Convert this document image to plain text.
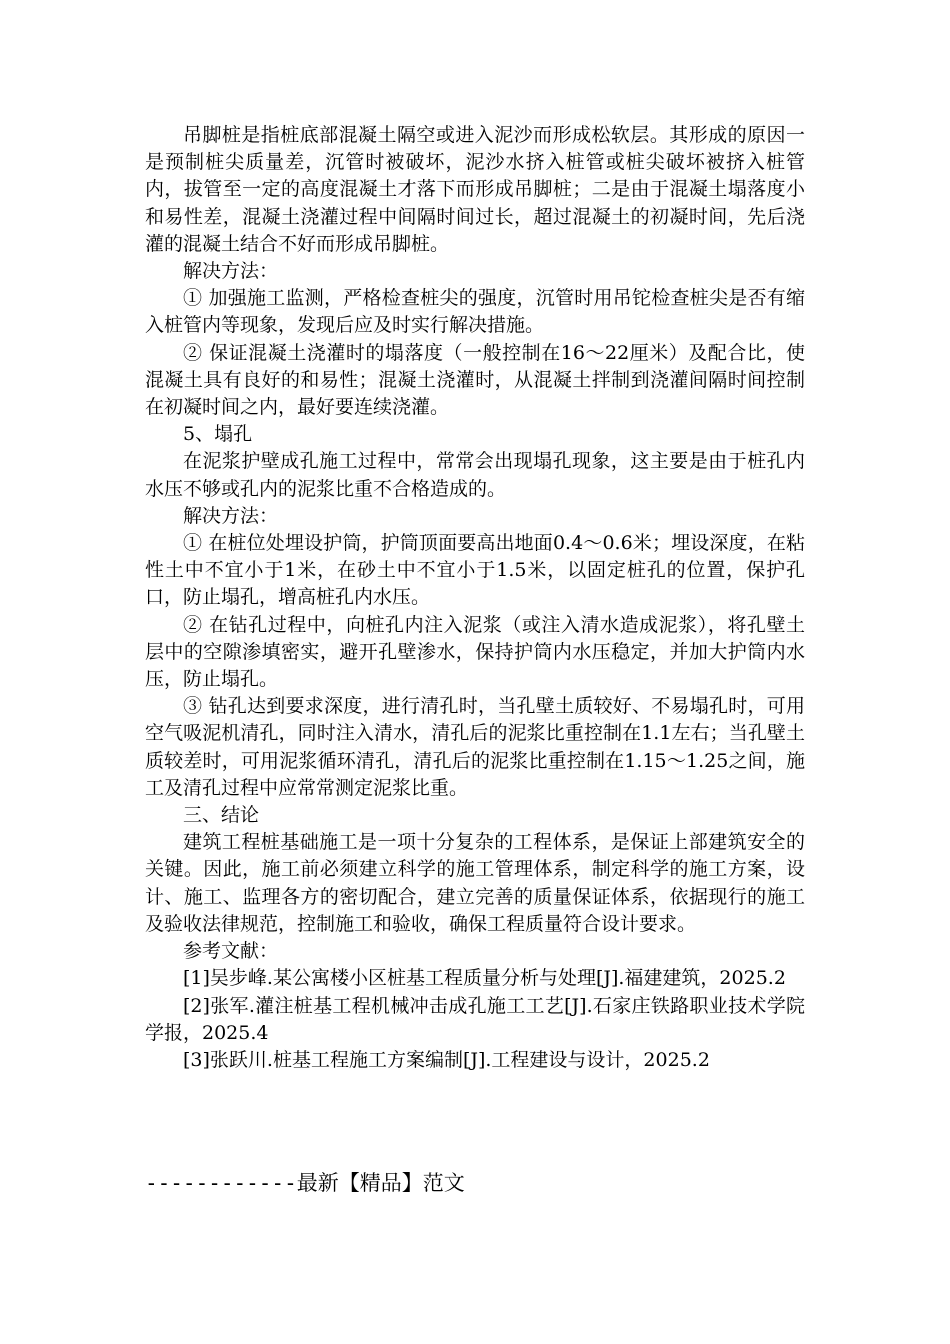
吊脚桩是指桩底部混凝土隔空或进入泥沙而形成松软层。其形成的原因一是预制桩尖质量差，沉管时被破坏，泥沙水挤入桩管或桩尖破坏被挤入桩管内，拔管至一定的高度混凝土才落下而形成吊脚桩；二是由于混凝土塌落度小和易性差，混凝土浇灌过程中间隔时间过长，超过混凝土的初凝时间，先后浇灌的混凝土结合不好而形成吊脚桩。

解决方法：

① 加强施工监测，严格检查桩尖的强度，沉管时用吊铊检查桩尖是否有缩入桩管内等现象，发现后应及时实行解决措施。

② 保证混凝土浇灌时的塌落度（一般控制在16～22厘米）及配合比，使混凝土具有良好的和易性；混凝土浇灌时，从混凝土拌制到浇灌间隔时间控制在初凝时间之内，最好要连续浇灌。

5、塌孔

在泥浆护壁成孔施工过程中，常常会出现塌孔现象，这主要是由于桩孔内水压不够或孔内的泥浆比重不合格造成的。

解决方法：

① 在桩位处埋设护筒，护筒顶面要高出地面0.4～0.6米；埋设深度，在粘性土中不宜小于1米，在砂土中不宜小于1.5米，以固定桩孔的位置，保护孔口，防止塌孔，增高桩孔内水压。

② 在钻孔过程中，向桩孔内注入泥浆（或注入清水造成泥浆），将孔壁土层中的空隙渗填密实，避开孔壁渗水，保持护筒内水压稳定，并加大护筒内水压，防止塌孔。

③ 钻孔达到要求深度，进行清孔时，当孔壁土质较好、不易塌孔时，可用空气吸泥机清孔，同时注入清水，清孔后的泥浆比重控制在1.1左右；当孔壁土质较差时，可用泥浆循环清孔，清孔后的泥浆比重控制在1.15～1.25之间，施工及清孔过程中应常常测定泥浆比重。

三、结论

建筑工程桩基础施工是一项十分复杂的工程体系，是保证上部建筑安全的关键。因此，施工前必须建立科学的施工管理体系，制定科学的施工方案，设计、施工、监理各方的密切配合，建立完善的质量保证体系，依据现行的施工及验收法律规范，控制施工和验收，确保工程质量符合设计要求。

参考文献：

[1]吴步峰.某公寓楼小区桩基工程质量分析与处理[J].福建建筑，2025.2

[2]张军.灌注桩基工程机械冲击成孔施工工艺[J].石家庄铁路职业技术学院学报，2025.4

[3]张跃川.桩基工程施工方案编制[J].工程建设与设计，2025.2

------------最新【精品】范文
